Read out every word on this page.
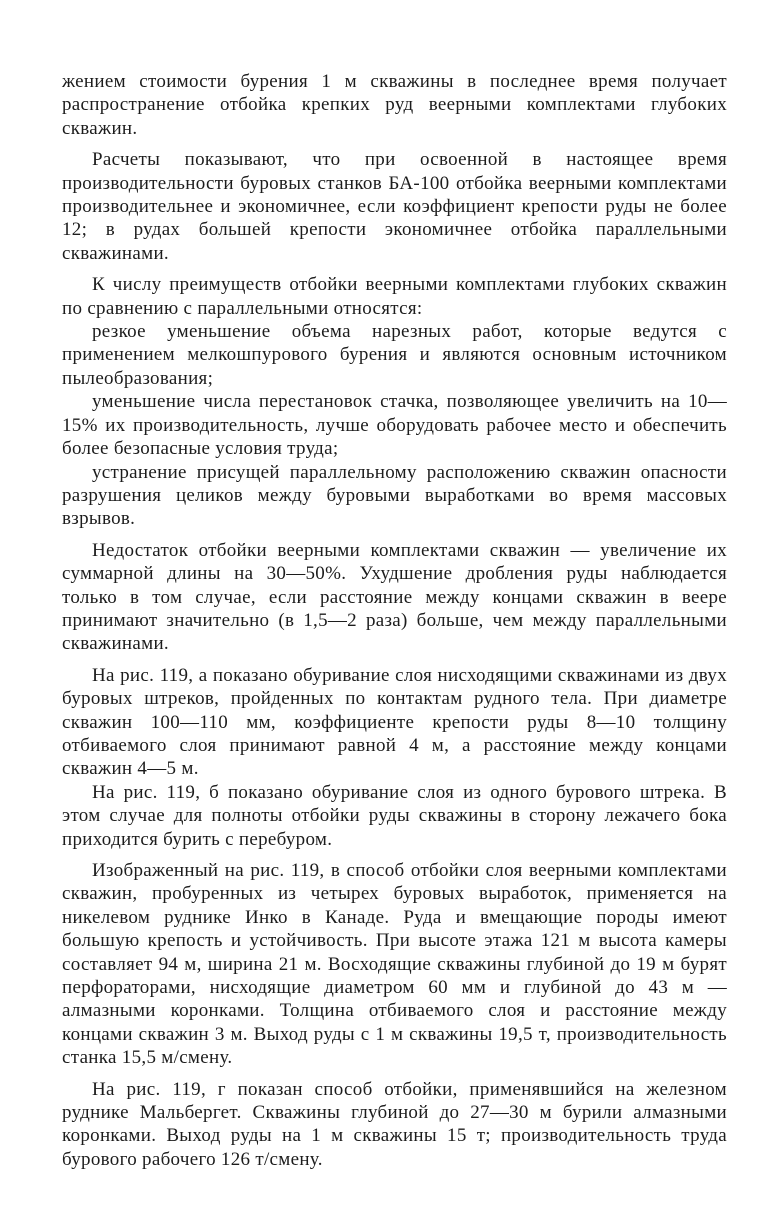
жением стоимости бурения 1 м скважины в последнее время получает распространение отбойка крепких руд веерными комплектами глубоких скважин.

Расчеты показывают, что при освоенной в настоящее время производительности буровых станков БА-100 отбойка веерными комплектами производительнее и экономичнее, если коэффициент крепости руды не более 12; в рудах большей крепости экономичнее отбойка параллельными скважинами.

К числу преимуществ отбойки веерными комплектами глубоких скважин по сравнению с параллельными относятся:

резкое уменьшение объема нарезных работ, которые ведутся с применением мелкошпурового бурения и являются основным источником пылеобразования;

уменьшение числа перестановок стачка, позволяющее увеличить на 10—15% их производительность, лучше оборудовать рабочее место и обеспечить более безопасные условия труда;

устранение присущей параллельному расположению скважин опасности разрушения целиков между буровыми выработками во время массовых взрывов.

Недостаток отбойки веерными комплектами скважин — увеличение их суммарной длины на 30—50%. Ухудшение дробления руды наблюдается только в том случае, если расстояние между концами скважин в веере принимают значительно (в 1,5—2 раза) больше, чем между параллельными скважинами.

На рис. 119, а показано обуривание слоя нисходящими скважинами из двух буровых штреков, пройденных по контактам рудного тела. При диаметре скважин 100—110 мм, коэффициенте крепости руды 8—10 толщину отбиваемого слоя принимают равной 4 м, а расстояние между концами скважин 4—5 м.

На рис. 119, б показано обуривание слоя из одного бурового штрека. В этом случае для полноты отбойки руды скважины в сторону лежачего бока приходится бурить с перебуром.

Изображенный на рис. 119, в способ отбойки слоя веерными комплектами скважин, пробуренных из четырех буровых выработок, применяется на никелевом руднике Инко в Канаде. Руда и вмещающие породы имеют большую крепость и устойчивость. При высоте этажа 121 м высота камеры составляет 94 м, ширина 21 м. Восходящие скважины глубиной до 19 м бурят перфораторами, нисходящие диаметром 60 мм и глубиной до 43 м — алмазными коронками. Толщина отбиваемого слоя и расстояние между концами скважин 3 м. Выход руды с 1 м скважины 19,5 т, производительность станка 15,5 м/смену.

На рис. 119, г показан способ отбойки, применявшийся на железном руднике Мальбергет. Скважины глубиной до 27—30 м бурили алмазными коронками. Выход руды на 1 м скважины 15 т; производительность труда бурового рабочего 126 т/смену.
